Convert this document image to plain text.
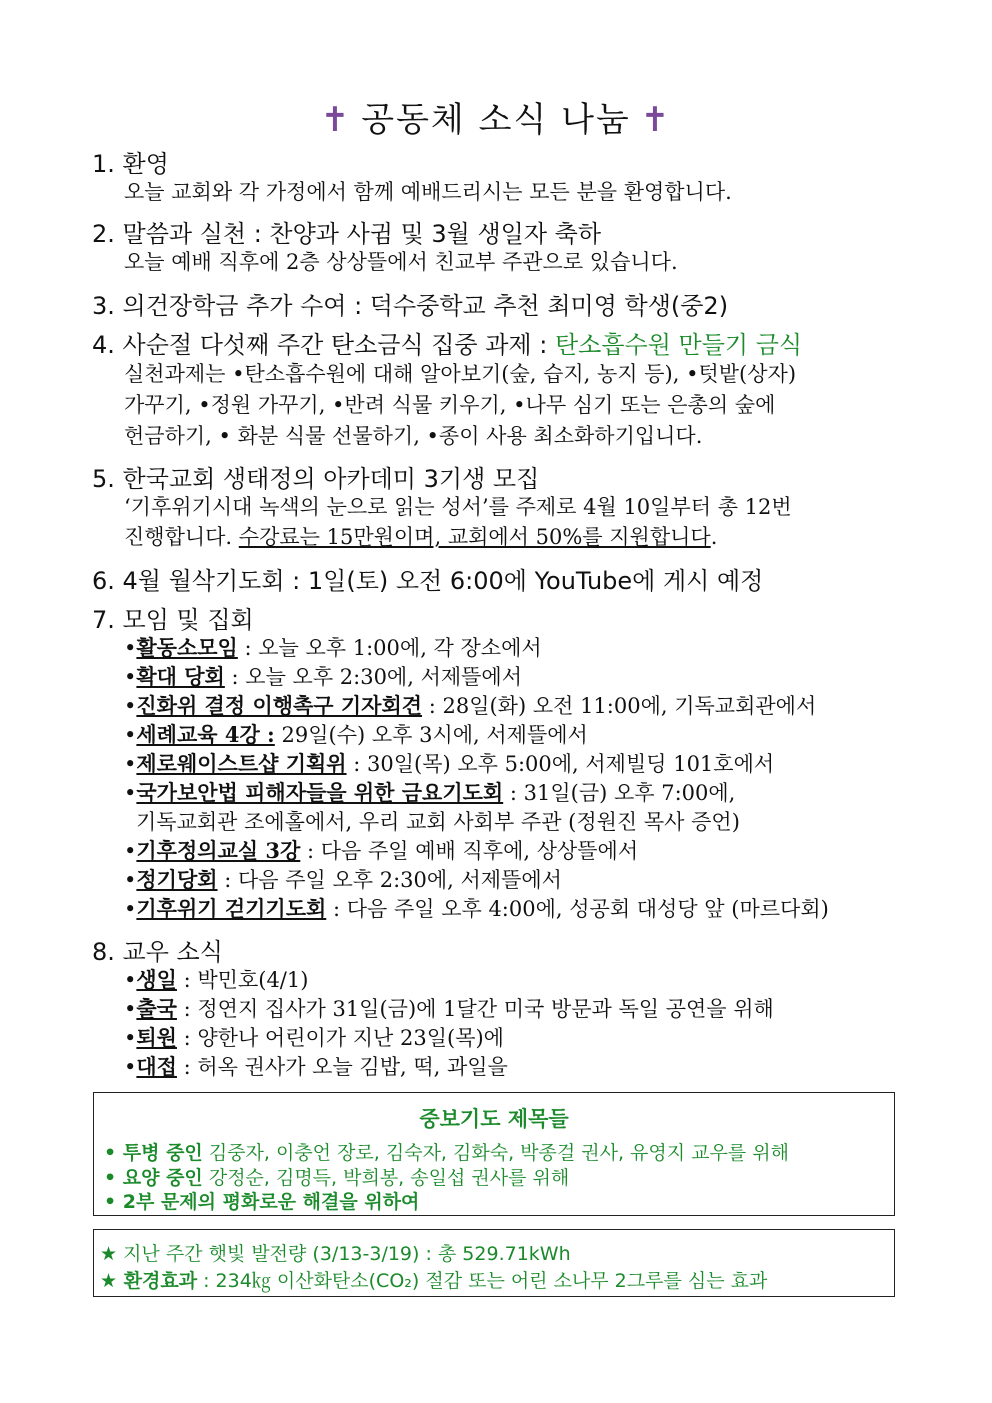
✝ 공동체 소식 나눔 ✝
1. 환영
오늘 교회와 각 가정에서 함께 예배드리시는 모든 분을 환영합니다.
2. 말씀과 실천 : 찬양과 사귐 및 3월 생일자 축하
오늘 예배 직후에 2층 상상뜰에서 친교부 주관으로 있습니다.
3. 의건장학금 추가 수여 : 덕수중학교 추천 최미영 학생(중2)
4. 사순절 다섯째 주간 탄소금식 집중 과제 : 탄소흡수원 만들기 금식
실천과제는 •탄소흡수원에 대해 알아보기(숲, 습지, 농지 등), •텃밭(상자)
가꾸기, •정원 가꾸기, •반려 식물 키우기, •나무 심기 또는 은총의 숲에
헌금하기, • 화분 식물 선물하기, •종이 사용 최소화하기입니다.
5. 한국교회 생태정의 아카데미 3기생 모집
‘기후위기시대 녹색의 눈으로 읽는 성서’를 주제로 4월 10일부터 총 12번
진행합니다. 수강료는 15만원이며, 교회에서 50%를 지원합니다.
6. 4월 월삭기도회 : 1일(토) 오전 6:00에 YouTube에 게시 예정
7. 모임 및 집회
•활동소모임 : 오늘 오후 1:00에, 각 장소에서
•확대 당회 : 오늘 오후 2:30에, 서제뜰에서
•진화위 결정 이행촉구 기자회견 : 28일(화) 오전 11:00에, 기독교회관에서
•세례교육 4강 : 29일(수) 오후 3시에, 서제뜰에서
•제로웨이스트샵 기획위 : 30일(목) 오후 5:00에, 서제빌딩 101호에서
•국가보안법 피해자들을 위한 금요기도회 : 31일(금) 오후 7:00에,
기독교회관 조에홀에서, 우리 교회 사회부 주관 (정원진 목사 증언)
•기후정의교실 3강 : 다음 주일 예배 직후에, 상상뜰에서
•정기당회 : 다음 주일 오후 2:30에, 서제뜰에서
•기후위기 걷기기도회 : 다음 주일 오후 4:00에, 성공회 대성당 앞 (마르다회)
8. 교우 소식
•생일 : 박민호(4/1)
•출국 : 정연지 집사가 31일(금)에 1달간 미국 방문과 독일 공연을 위해
•퇴원 : 양한나 어린이가 지난 23일(목)에
•대접 : 허옥 권사가 오늘 김밥, 떡, 과일을
중보기도 제목들
• 투병 중인 김중자, 이충언 장로, 김숙자, 김화숙, 박종걸 권사, 유영지 교우를 위해
• 요양 중인 강정순, 김명득, 박희봉, 송일섭 권사를 위해
• 2부 문제의 평화로운 해결을 위하여
★ 지난 주간 햇빛 발전량 (3/13-3/19) : 총 529.71kWh
★ 환경효과 : 234㎏ 이산화탄소(CO₂) 절감 또는 어린 소나무 2그루를 심는 효과
